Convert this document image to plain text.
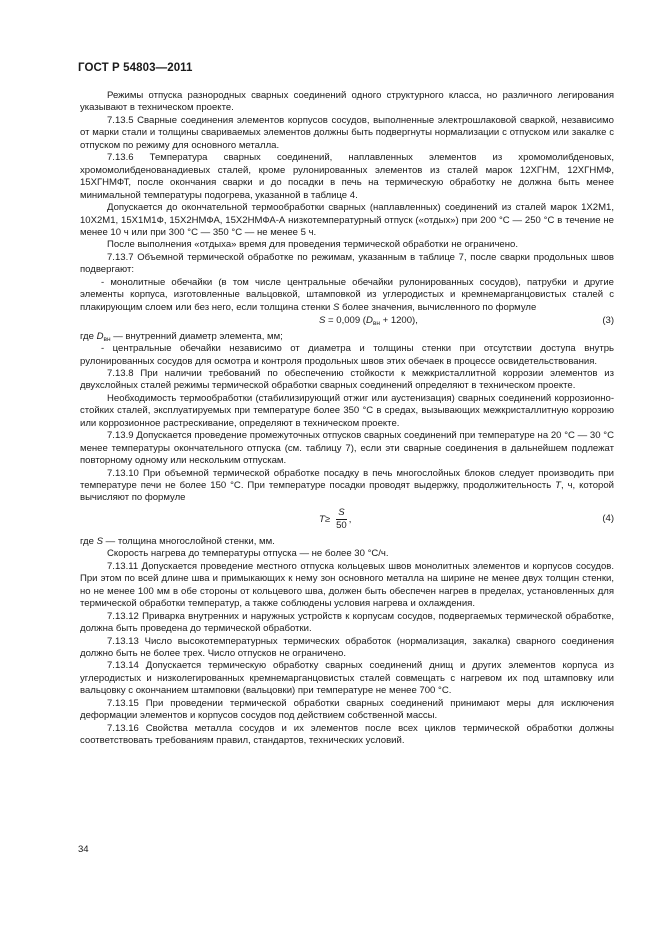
ГОСТ Р 54803—2011

Режимы отпуска разнородных сварных соединений одного структурного класса, но различного легирования указывают в техническом проекте.

7.13.5 Сварные соединения элементов корпусов сосудов, выполненные электрошлаковой сваркой, независимо от марки стали и толщины свариваемых элементов должны быть подвергнуты нормализации с отпуском или закалке с отпуском по режиму для основного металла.

7.13.6 Температура сварных соединений, наплавленных элементов из хромомолибденовых, хромомолибденованадиевых сталей, кроме рулонированных элементов из сталей марок 12ХГНМ, 12ХГНМФ, 15ХГНМФТ, после окончания сварки и до посадки в печь на термическую обработку не должна быть менее минимальной температуры подогрева, указанной в таблице 4.

Допускается до окончательной термообработки сварных (наплавленных) соединений из сталей марок 1Х2М1, 10Х2М1, 15Х1М1Ф, 15Х2НМФА, 15Х2НМФА-А низкотемпературный отпуск («отдых») при 200 °С — 250 °С в течение не менее 10 ч или при 300 °С — 350 °С — не менее 5 ч.

После выполнения «отдыха» время для проведения термической обработки не ограничено.

7.13.7 Объемной термической обработке по режимам, указанным в таблице 7, после сварки продольных швов подвергают:

- монолитные обечайки (в том числе центральные обечайки рулонированных сосудов), патрубки и другие элементы корпуса, изготовленные вальцовкой, штамповкой из углеродистых и кремнемарганцовистых сталей с плакирующим слоем или без него, если толщина стенки S более значения, вычисленного по формуле

S = 0,009 $(D_{вн} + 1200)$,	(3)

где $D_{вн}$ — внутренний диаметр элемента, мм;

- центральные обечайки независимо от диаметра и толщины стенки при отсутствии доступа внутрь рулонированных сосудов для осмотра и контроля продольных швов этих обечаек в процессе освидетельствования.

7.13.8 При наличии требований по обеспечению стойкости к межкристаллитной коррозии элементов из двухслойных сталей режимы термической обработки сварных соединений определяют в техническом проекте.

Необходимость термообработки (стабилизирующий отжиг или аустенизация) сварных соединений коррозионно-стойких сталей, эксплуатируемых при температуре более 350 °С в средах, вызывающих межкристаллитную коррозию или коррозионное растрескивание, определяют в техническом проекте.

7.13.9 Допускается проведение промежуточных отпусков сварных соединений при температуре на 20 °С — 30 °С менее температуры окончательного отпуска (см. таблицу 7), если эти сварные соединения в дальнейшем подлежат повторному одному или нескольким отпускам.

7.13.10 При объемной термической обработке посадку в печь многослойных блоков следует производить при температуре печи не более 150 °С. При температуре посадки проводят выдержку, продолжительность T, ч, которой вычисляют по формуле

$T \ge \frac{S}{50}$ ,	(4)

где S — толщина многослойной стенки, мм.

Скорость нагрева до температуры отпуска — не более 30 °С/ч.

7.13.11 Допускается проведение местного отпуска кольцевых швов монолитных элементов и корпусов сосудов. При этом по всей длине шва и примыкающих к нему зон основного металла на ширине не менее двух толщин стенки, но не менее 100 мм в обе стороны от кольцевого шва, должен быть обеспечен нагрев в пределах, установленных для термической обработки температур, а также соблюдены условия нагрева и охлаждения.

7.13.12 Приварка внутренних и наружных устройств к корпусам сосудов, подвергаемых термической обработке, должна быть проведена до термической обработки.

7.13.13 Число высокотемпературных термических обработок (нормализация, закалка) сварного соединения должно быть не более трех. Число отпусков не ограничено.

7.13.14 Допускается термическую обработку сварных соединений днищ и других элементов корпуса из углеродистых и низколегированных кремнемарганцовистых сталей совмещать с нагревом их под штамповку или вальцовку с окончанием штамповки (вальцовки) при температуре не менее 700 °С.

7.13.15 При проведении термической обработки сварных соединений принимают меры для исключения деформации элементов и корпусов сосудов под действием собственной массы.

7.13.16 Свойства металла сосудов и их элементов после всех циклов термической обработки должны соответствовать требованиям правил, стандартов, технических условий.

34
